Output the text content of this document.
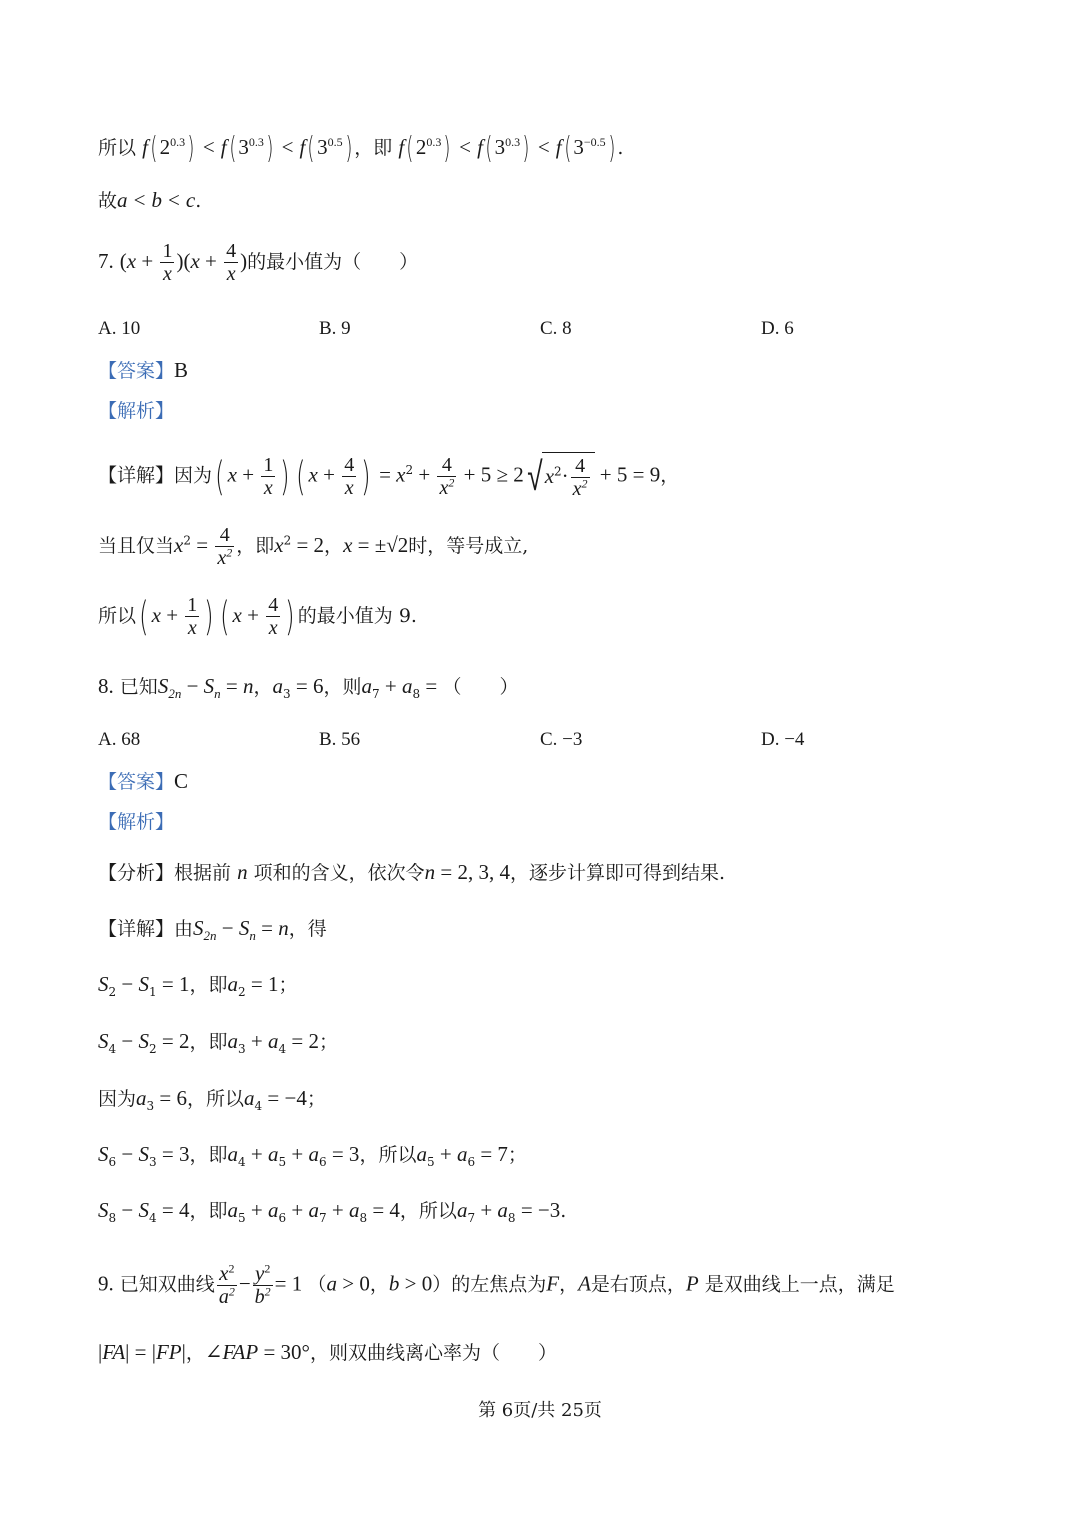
所以 f( $2^{0.3}) < f$( $3^{0.3}) < f$( $3^{0.5}$) ，即 f( $2^{0.3}) < f$( $3^{0.3}) < f$( $3^{-0.5}$) .
故a < b < c.
7. $(x + \frac{1}{x} )(x + \frac{4}{x}$ )的最小值为（　　）
A. 10	B. 9	C. 8	D. 6
【答案】B
【解析】
【详解】因为( $x + \frac{1}{x}$ ) ( $x + \frac{4}{x}$ ) = $x^2 + \frac{4}{x^2} + 5 \ge 2√$ $x^2\cdot \frac{4}{x^2} + 5 = 9$，
当且仅当$x^2 = \frac{4}{x^2}$ ，即$x^2 = 2$，x = ±√2时，等号成立,
所以( $x + \frac{1}{x}$ ) ( $x + \frac{4}{x}$ ) 的最小值为 9.
8. 已知$S_{2n} - S_n = n$，$a_3 = 6$，则$a_7 + a_8$ = （　　）
A. 68	B. 56	C. −3	D. −4
【答案】C
【解析】
【分析】根据前 n 项和的含义，依次令n = 2, 3, 4，逐步计算即可得到结果.
【详解】由$S_{2n} - S_n = n$，得
$S_2 - S_1 = 1$，即$a_2 = 1$；
$S_4 - S_2 = 2$，即$a_3 + a_4 = 2$；
因为$a_3 = 6$，所以$a_4 = -4$；
$S_6 - S_3 = 3$，即$a_4 + a_5 + a_6 = 3$，所以$a_5 + a_6 = 7$；
$S_8 - S_4 = 4$，即$a_5 + a_6 + a_7 + a_8 = 4$，所以$a_7 + a_8 = -3$.
9. 已知双曲线 $\frac{x^2}{a^2} - \frac{y^2}{b^2} = 1$ （a > 0，b > 0）的左焦点为F，A是右顶点，P 是双曲线上一点，满足
|FA| = |FP|，∠FAP = 30°，则双曲线离心率为（　　）
第 6页/共 25页
